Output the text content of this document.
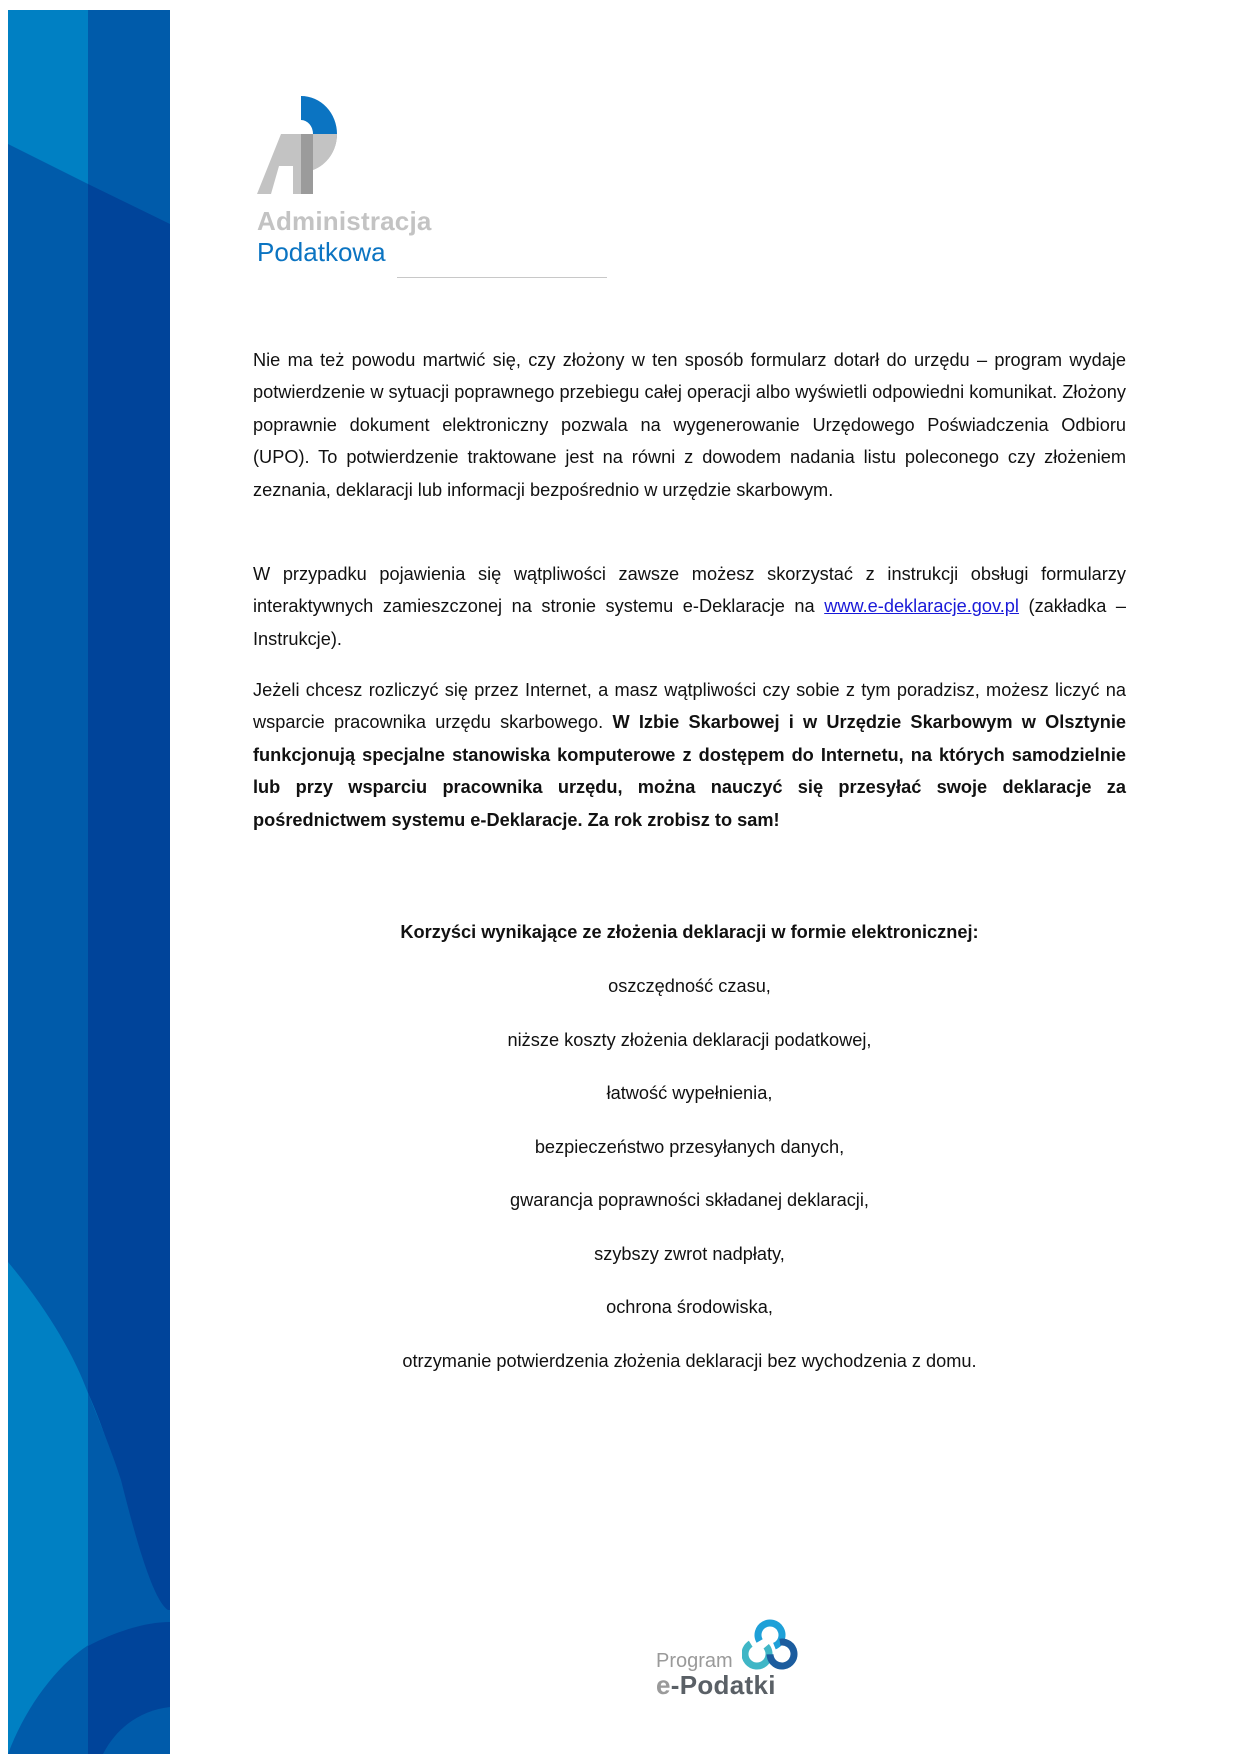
Administracja
Podatkowa

Nie ma też powodu martwić się, czy złożony w ten sposób formularz dotarł do urzędu – program wydaje potwierdzenie w sytuacji poprawnego przebiegu całej operacji albo wyświetli odpowiedni komunikat. Złożony poprawnie dokument elektroniczny pozwala na wygenerowanie Urzędowego Poświadczenia Odbioru (UPO). To potwierdzenie traktowane jest na równi z dowodem nadania listu poleconego czy złożeniem zeznania, deklaracji lub informacji bezpośrednio w urzędzie skarbowym.

W przypadku pojawienia się wątpliwości zawsze możesz skorzystać z instrukcji obsługi formularzy interaktywnych zamieszczonej na stronie systemu e-Deklaracje na www.e-deklaracje.gov.pl (zakładka – Instrukcje).

Jeżeli chcesz rozliczyć się przez Internet, a masz wątpliwości czy sobie z tym poradzisz, możesz liczyć na wsparcie pracownika urzędu skarbowego. W Izbie Skarbowej i w Urzędzie Skarbowym w Olsztynie funkcjonują specjalne stanowiska komputerowe z dostępem do Internetu, na których samodzielnie lub przy wsparciu pracownika urzędu, można nauczyć się przesyłać swoje deklaracje za pośrednictwem systemu e-Deklaracje. Za rok zrobisz to sam!

Korzyści wynikające ze złożenia deklaracji w formie elektronicznej:

oszczędność czasu,
niższe koszty złożenia deklaracji podatkowej,
łatwość wypełnienia,
bezpieczeństwo przesyłanych danych,
gwarancja poprawności składanej deklaracji,
szybszy zwrot nadpłaty,
ochrona środowiska,
otrzymanie potwierdzenia złożenia deklaracji bez wychodzenia z domu.
Program
e-Podatki
